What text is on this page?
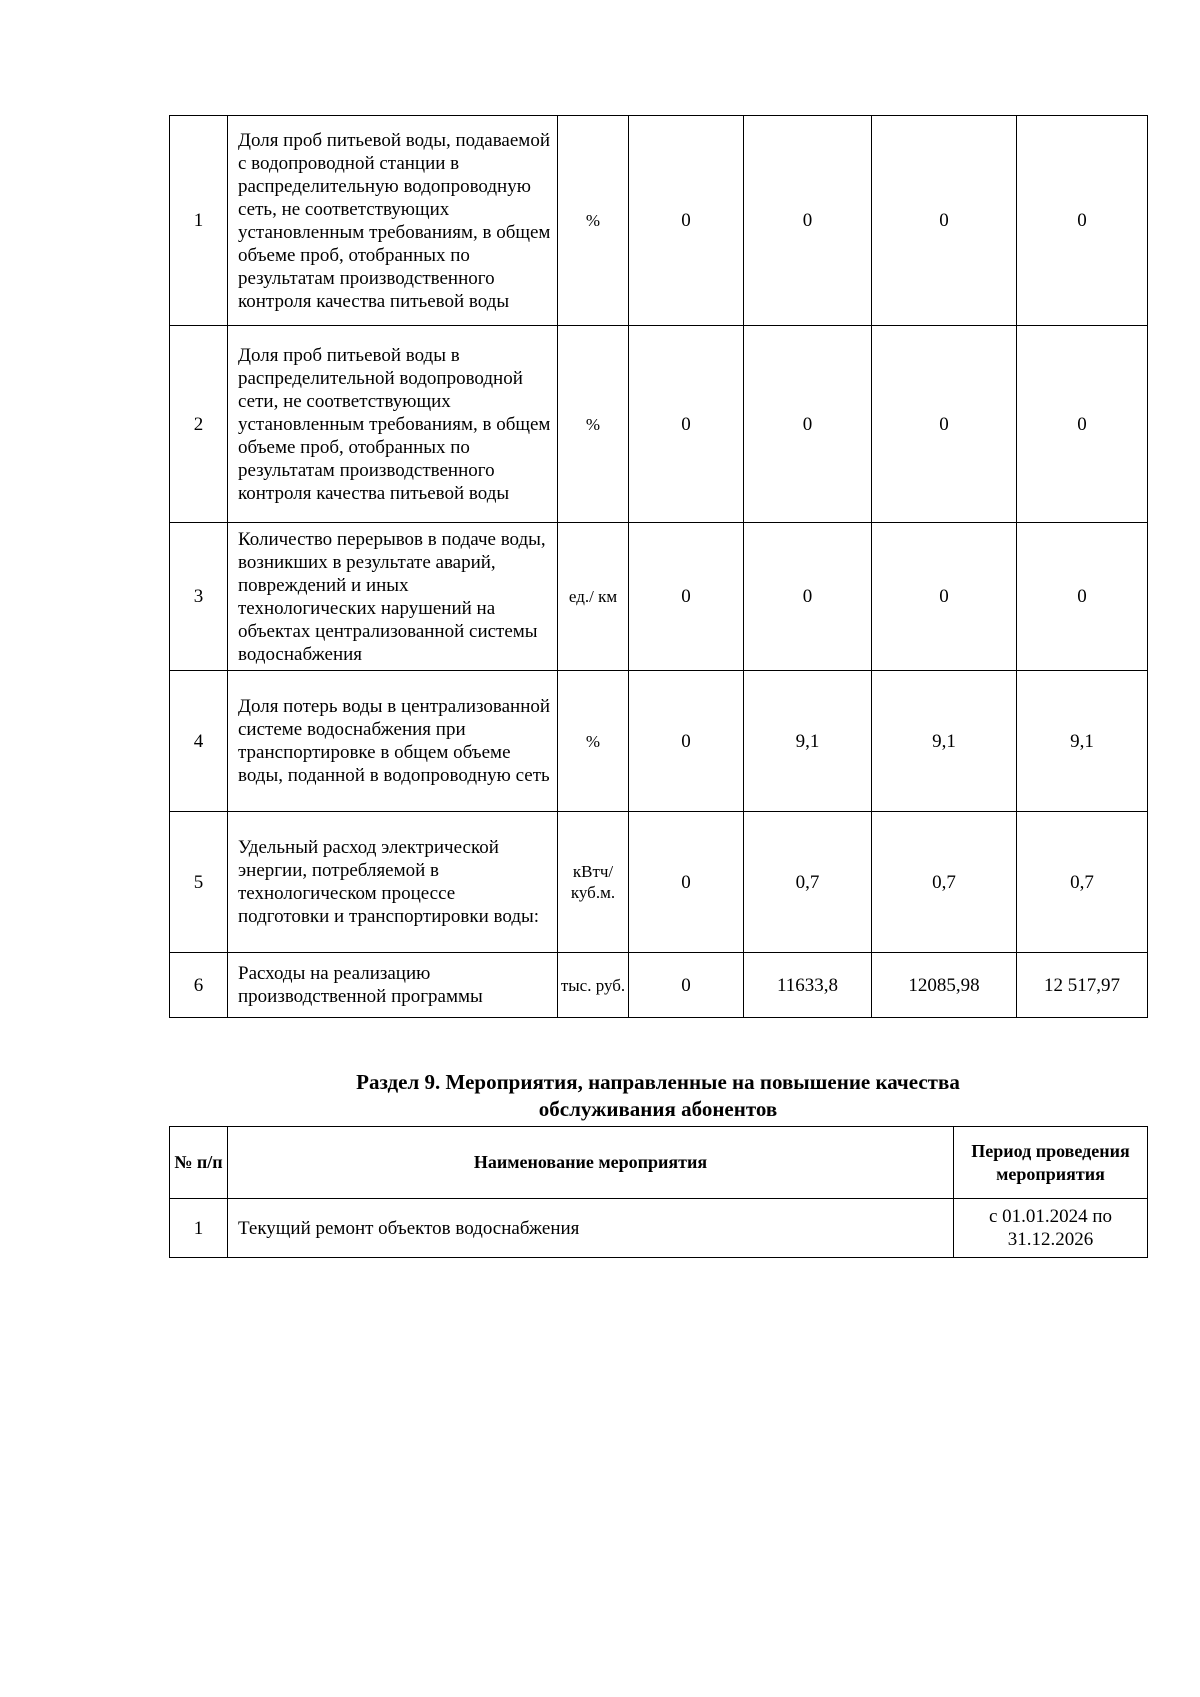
1	Доля проб питьевой воды, подаваемой с водопроводной станции в распределительную водопроводную сеть, не соответствующих установленным требованиям, в общем объеме проб, отобранных по результатам производственного контроля качества питьевой воды	%	0	0	0	0
2	Доля проб питьевой воды в распределительной водопроводной сети, не соответствующих установленным требованиям, в общем объеме проб, отобранных по результатам производственного контроля качества питьевой воды	%	0	0	0	0
3	Количество перерывов в подаче воды, возникших в результате аварий, повреждений и иных технологических нарушений на объектах централизованной системы водоснабжения	ед./ км	0	0	0	0
4	Доля потерь воды в централизованной системе водоснабжения при транспортировке в общем объеме воды, поданной в водопроводную сеть	%	0	9,1	9,1	9,1
5	Удельный расход электрической энергии, потребляемой в технологическом процессе подготовки и транспортировки воды:	кВтч/ куб.м.	0	0,7	0,7	0,7
6	Расходы на реализацию производственной программы	тыс. руб.	0	11633,8	12085,98	12 517,97
Раздел 9. Мероприятия, направленные на повышение качества
обслуживания абонентов
№ п/п	Наименование мероприятия	Период проведения мероприятия
1	Текущий ремонт объектов водоснабжения	с 01.01.2024 по 31.12.2026
